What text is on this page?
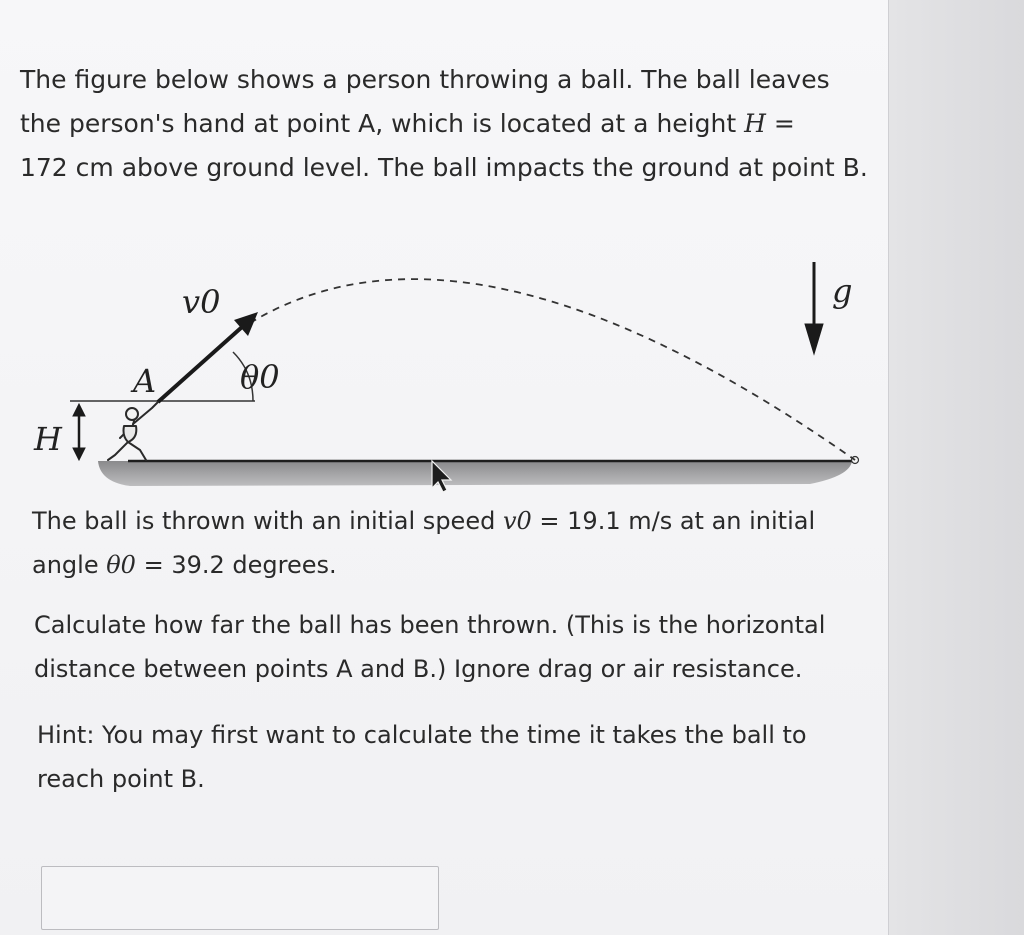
The figure below shows a person throwing a ball. The ball leaves the person's hand at point A, which is located at a height H =
172 cm above ground level. The ball impacts the ground at point B.

v0
θ0
A
H
g

The ball is thrown with an initial speed v0 = 19.1 m/s at an initial angle θ0 = 39.2 degrees.

Calculate how far the ball has been thrown. (This is the horizontal distance between points A and B.) Ignore drag or air resistance.

Hint: You may first want to calculate the time it takes the ball to reach point B.
